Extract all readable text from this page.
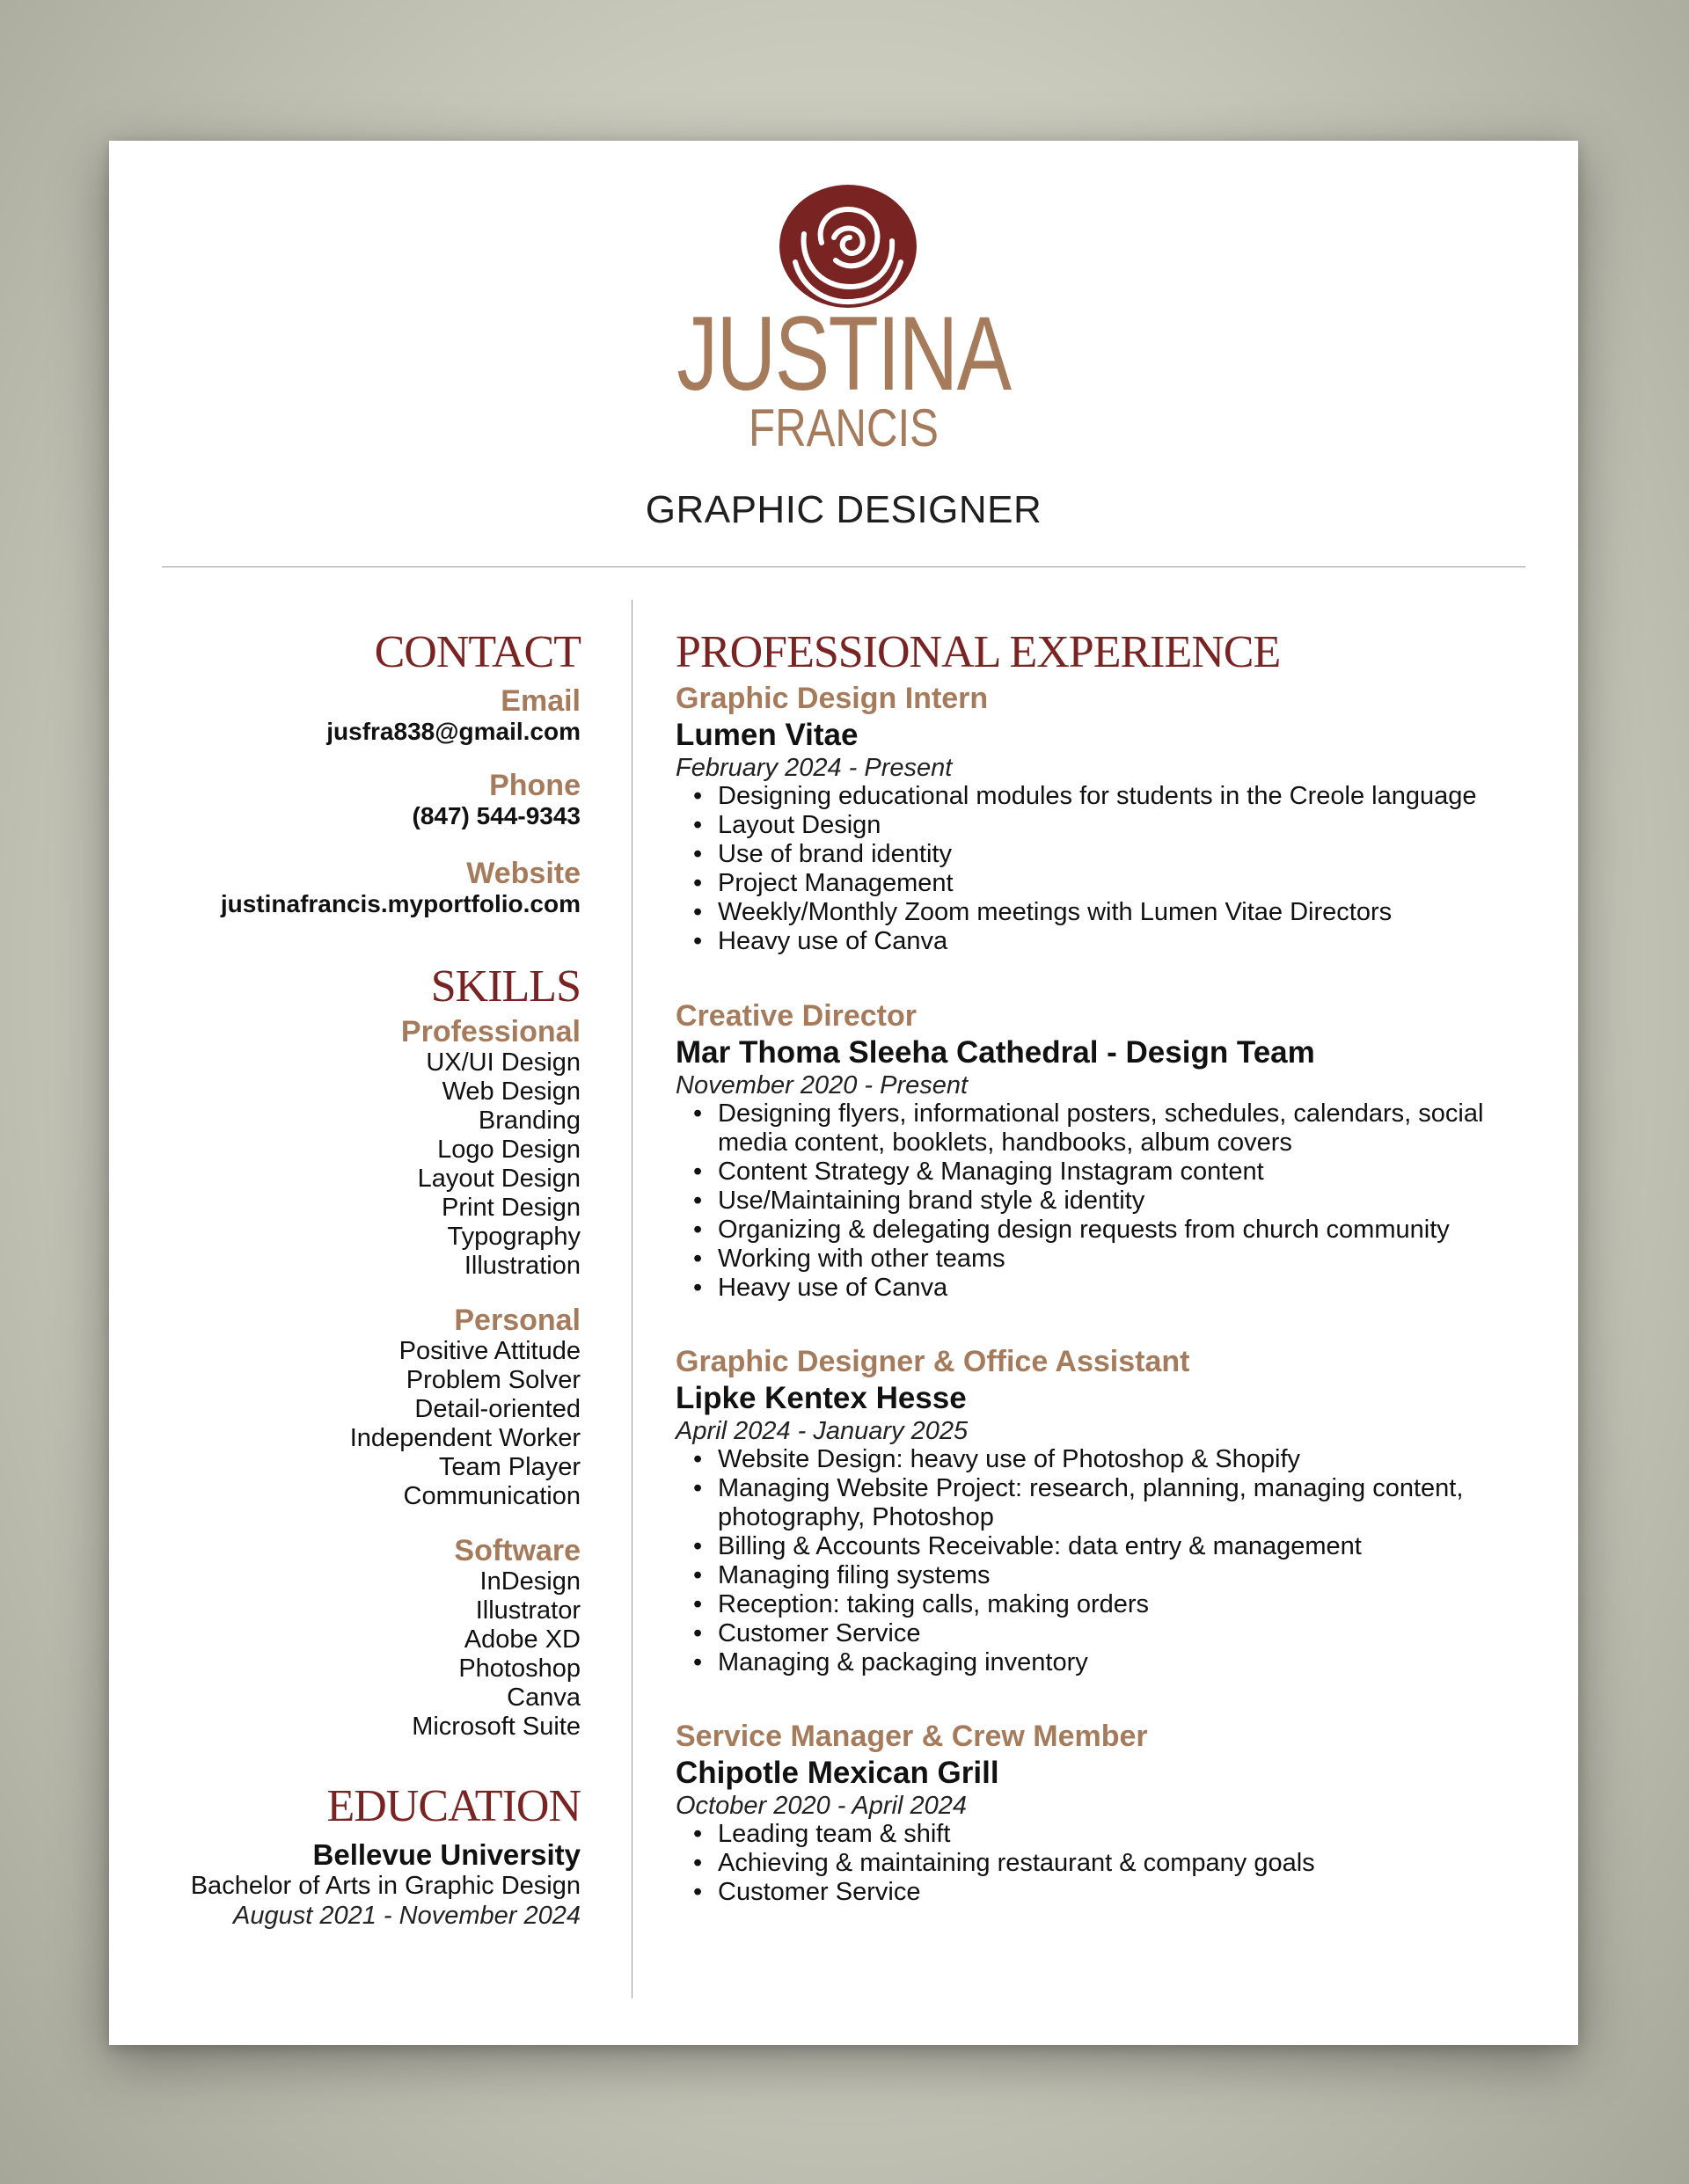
JUSTINA
FRANCIS
GRAPHIC DESIGNER
CONTACT
Email
jusfra838@gmail.com
Phone
(847) 544-9343
Website
justinafrancis.myportfolio.com
SKILLS
Professional
UX/UI Design
Web Design
Branding
Logo Design
Layout Design
Print Design
Typography
Illustration
Personal
Positive Attitude
Problem Solver
Detail-oriented
Independent Worker
Team Player
Communication
Software
InDesign
Illustrator
Adobe XD
Photoshop
Canva
Microsoft Suite
EDUCATION
Bellevue University
Bachelor of Arts in Graphic Design
August 2021 - November 2024
PROFESSIONAL EXPERIENCE
Graphic Design Intern
Lumen Vitae
February 2024 - Present
• Designing educational modules for students in the Creole language
• Layout Design
• Use of brand identity
• Project Management
• Weekly/Monthly Zoom meetings with Lumen Vitae Directors
• Heavy use of Canva
Creative Director
Mar Thoma Sleeha Cathedral - Design Team
November 2020 - Present
• Designing flyers, informational posters, schedules, calendars, social media content, booklets, handbooks, album covers
• Content Strategy & Managing Instagram content
• Use/Maintaining brand style & identity
• Organizing & delegating design requests from church community
• Working with other teams
• Heavy use of Canva
Graphic Designer & Office Assistant
Lipke Kentex Hesse
April 2024 - January 2025
• Website Design: heavy use of Photoshop & Shopify
• Managing Website Project: research, planning, managing content, photography, Photoshop
• Billing & Accounts Receivable: data entry & management
• Managing filing systems
• Reception: taking calls, making orders
• Customer Service
• Managing & packaging inventory
Service Manager & Crew Member
Chipotle Mexican Grill
October 2020 - April 2024
• Leading team & shift
• Achieving & maintaining restaurant & company goals
• Customer Service
